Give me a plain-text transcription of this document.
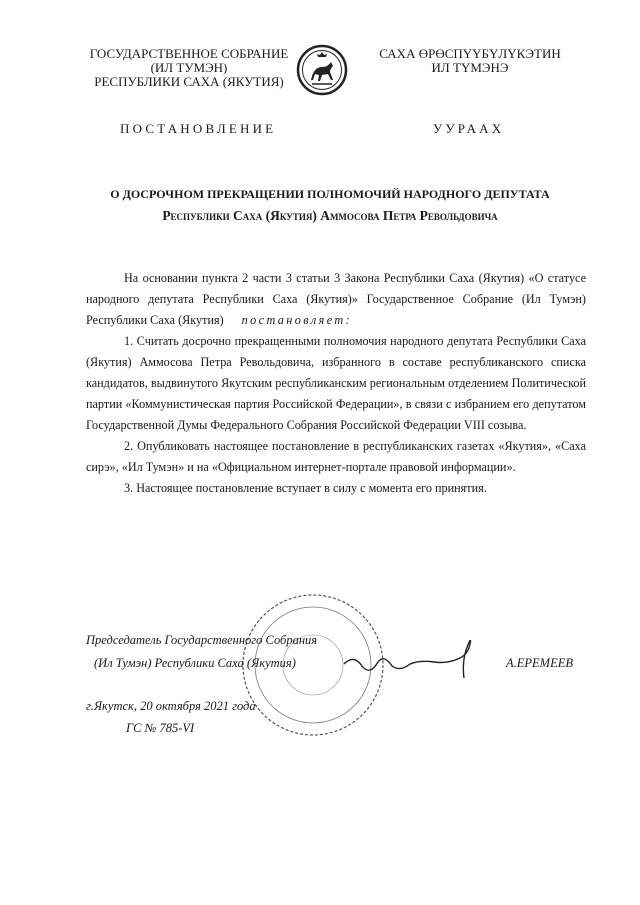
ГОСУДАРСТВЕННОЕ СОБРАНИЕ
(ИЛ ТУМЭН)
РЕСПУБЛИКИ САХА (ЯКУТИЯ)
САХА ӨРӨСПҮҮБҮЛҮКЭТИН
ИЛ ТҮМЭНЭ
ПОСТАНОВЛЕНИЕ	УУРААХ
О ДОСРОЧНОМ ПРЕКРАЩЕНИИ ПОЛНОМОЧИЙ НАРОДНОГО ДЕПУТАТА
Республики Саха (Якутия) Аммосова Петра Револьдовича

На основании пункта 2 части 3 статьи 3 Закона Республики Саха (Якутия) «О статусе народного депутата Республики Саха (Якутия)» Государственное Собрание (Ил Тумэн) Республики Саха (Якутия) постановляет:

1. Считать досрочно прекращенными полномочия народного депутата Республики Саха (Якутия) Аммосова Петра Револьдовича, избранного в составе республиканского списка кандидатов, выдвинутого Якутским республиканским региональным отделением Политической партии «Коммунистическая партия Российской Федерации», в связи с избранием его депутатом Государственной Думы Федерального Собрания Российской Федерации VIII созыва.

2. Опубликовать настоящее постановление в республиканских газетах «Якутия», «Саха сирэ», «Ил Тумэн» и на «Официальном интернет-портале правовой информации».

3. Настоящее постановление вступает в силу с момента его принятия.

Председатель Государственного Собрания
(Ил Тумэн) Республики Саха (Якутия)	А.ЕРЕМЕЕВ
г.Якутск, 20 октября 2021 года
ГС № 785-VI
